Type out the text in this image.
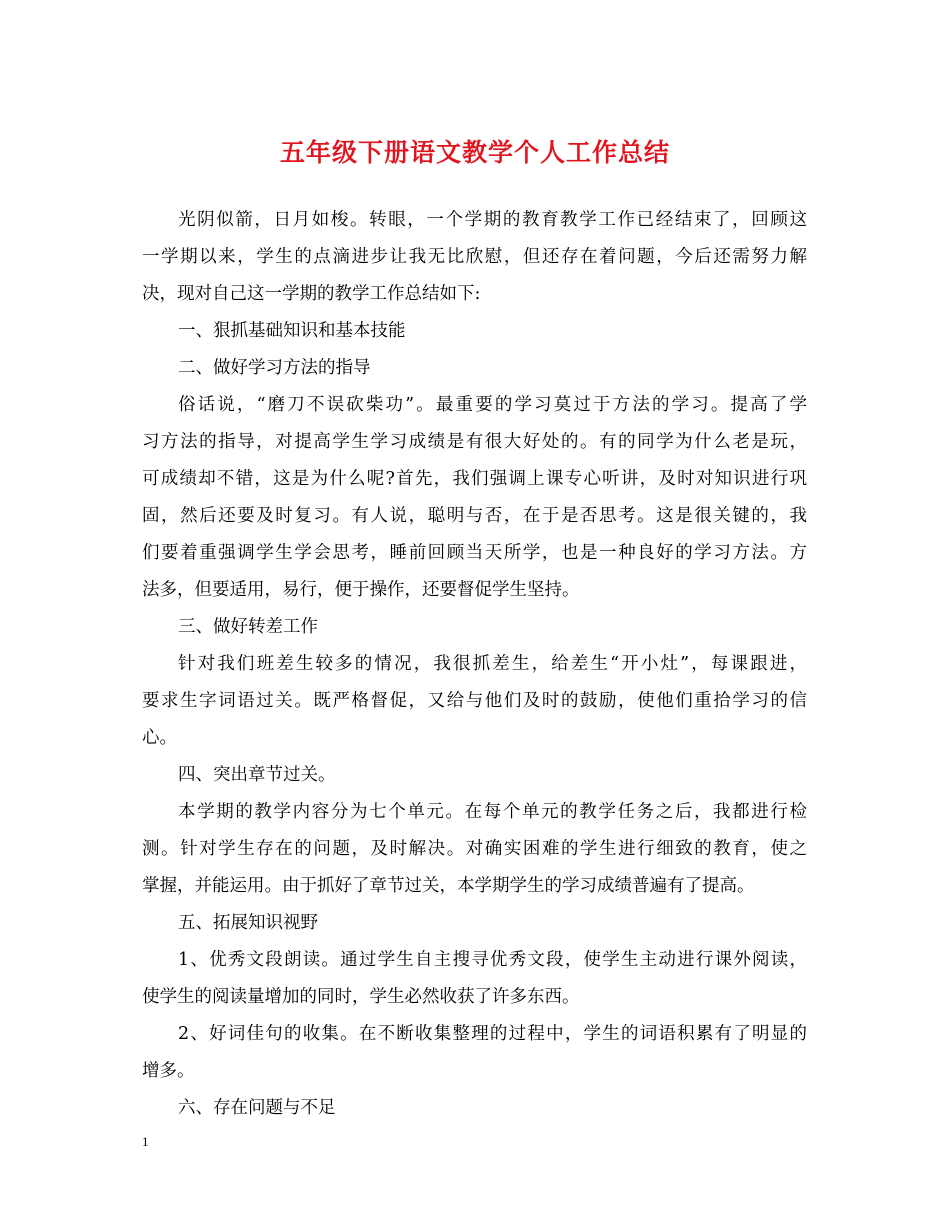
五年级下册语文教学个人工作总结
光阴似箭，日月如梭。转眼，一个学期的教育教学工作已经结束了，回顾这
一学期以来，学生的点滴进步让我无比欣慰，但还存在着问题，今后还需努力解
决，现对自己这一学期的教学工作总结如下:
一、狠抓基础知识和基本技能
二、做好学习方法的指导
俗话说，“磨刀不误砍柴功”。最重要的学习莫过于方法的学习。提高了学
习方法的指导，对提高学生学习成绩是有很大好处的。有的同学为什么老是玩，
可成绩却不错，这是为什么呢?首先，我们强调上课专心听讲，及时对知识进行巩
固，然后还要及时复习。有人说，聪明与否，在于是否思考。这是很关键的，我
们要着重强调学生学会思考，睡前回顾当天所学，也是一种良好的学习方法。方
法多，但要适用，易行，便于操作，还要督促学生坚持。
三、做好转差工作
针对我们班差生较多的情况，我很抓差生，给差生“开小灶”，每课跟进，
要求生字词语过关。既严格督促，又给与他们及时的鼓励，使他们重拾学习的信
心。
四、突出章节过关。
本学期的教学内容分为七个单元。在每个单元的教学任务之后，我都进行检
测。针对学生存在的问题，及时解决。对确实困难的学生进行细致的教育，使之
掌握，并能运用。由于抓好了章节过关，本学期学生的学习成绩普遍有了提高。
五、拓展知识视野
1、优秀文段朗读。通过学生自主搜寻优秀文段，使学生主动进行课外阅读，
使学生的阅读量增加的同时，学生必然收获了许多东西。
2、好词佳句的收集。在不断收集整理的过程中，学生的词语积累有了明显的
增多。
六、存在问题与不足
1
